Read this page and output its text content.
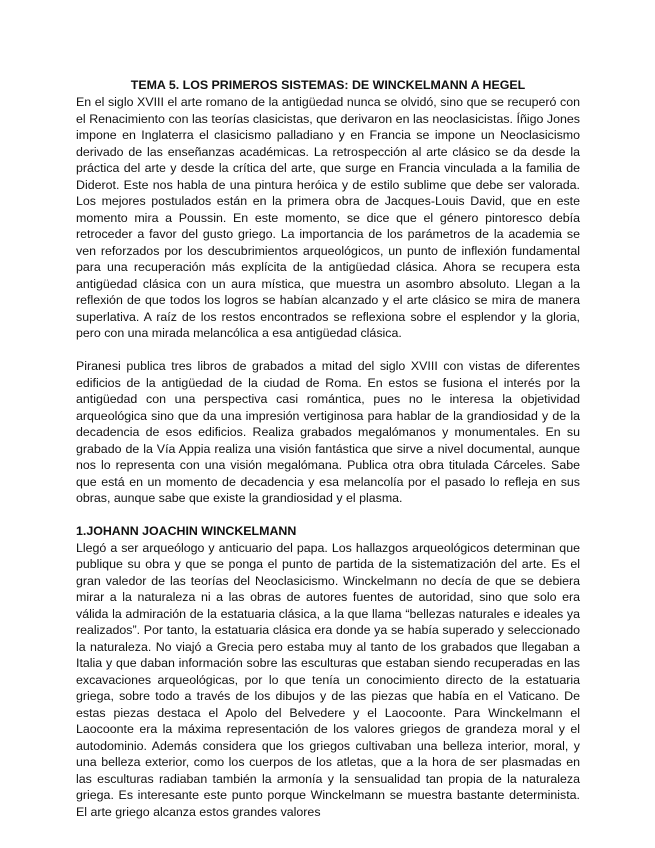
TEMA 5. LOS PRIMEROS SISTEMAS: DE WINCKELMANN A HEGEL

En el siglo XVIII el arte romano de la antigüedad nunca se olvidó, sino que se recuperó con el Renacimiento con las teorías clasicistas, que derivaron en las neoclasicistas. Íñigo Jones impone en Inglaterra el clasicismo palladiano y en Francia se impone un Neoclasicismo derivado de las enseñanzas académicas. La retrospección al arte clásico se da desde la práctica del arte y desde la crítica del arte, que surge en Francia vinculada a la familia de Diderot. Este nos habla de una pintura heróica y de estilo sublime que debe ser valorada. Los mejores postulados están en la primera obra de Jacques-Louis David, que en este momento mira a Poussin. En este momento, se dice que el género pintoresco debía retroceder a favor del gusto griego. La importancia de los parámetros de la academia se ven reforzados por los descubrimientos arqueológicos, un punto de inflexión fundamental para una recuperación más explícita de la antigüedad clásica. Ahora se recupera esta antigüedad clásica con un aura mística, que muestra un asombro absoluto. Llegan a la reflexión de que todos los logros se habían alcanzado y el arte clásico se mira de manera superlativa. A raíz de los restos encontrados se reflexiona sobre el esplendor y la gloria, pero con una mirada melancólica a esa antigüedad clásica.

Piranesi publica tres libros de grabados a mitad del siglo XVIII con vistas de diferentes edificios de la antigüedad de la ciudad de Roma. En estos se fusiona el interés por la antigüedad con una perspectiva casi romántica, pues no le interesa la objetividad arqueológica sino que da una impresión vertiginosa para hablar de la grandiosidad y de la decadencia de esos edificios. Realiza grabados megalómanos y monumentales. En su grabado de la Vía Appia realiza una visión fantástica que sirve a nivel documental, aunque nos lo representa con una visión megalómana. Publica otra obra titulada Cárceles. Sabe que está en un momento de decadencia y esa melancolía por el pasado lo refleja en sus obras, aunque sabe que existe la grandiosidad y el plasma.

1.JOHANN JOACHIN WINCKELMANN

Llegó a ser arqueólogo y anticuario del papa. Los hallazgos arqueológicos determinan que publique su obra y que se ponga el punto de partida de la sistematización del arte. Es el gran valedor de las teorías del Neoclasicismo. Winckelmann no decía de que se debiera mirar a la naturaleza ni a las obras de autores fuentes de autoridad, sino que solo era válida la admiración de la estatuaria clásica, a la que llama “bellezas naturales e ideales ya realizados”. Por tanto, la estatuaria clásica era donde ya se había superado y seleccionado la naturaleza. No viajó a Grecia pero estaba muy al tanto de los grabados que llegaban a Italia y que daban información sobre las esculturas que estaban siendo recuperadas en las excavaciones arqueológicas, por lo que tenía un conocimiento directo de la estatuaria griega, sobre todo a través de los dibujos y de las piezas que había en el Vaticano. De estas piezas destaca el Apolo del Belvedere y el Laocoonte. Para Winckelmann el Laocoonte era la máxima representación de los valores griegos de grandeza moral y el autodominio. Además considera que los griegos cultivaban una belleza interior, moral, y una belleza exterior, como los cuerpos de los atletas, que a la hora de ser plasmadas en las esculturas radiaban también la armonía y la sensualidad tan propia de la naturaleza griega. Es interesante este punto porque Winckelmann se muestra bastante determinista. El arte griego alcanza estos grandes valores
